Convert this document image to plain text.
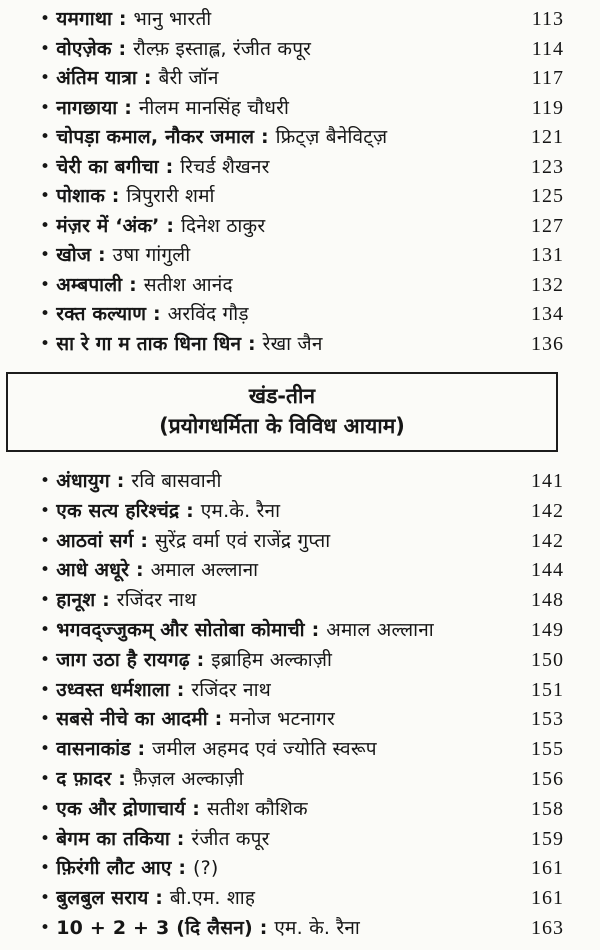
• यमगाथा : भानु भारती	113
• वोएज़ेक : रौल्फ़ इस्ताह्ल, रंजीत कपूर	114
• अंतिम यात्रा : बैरी जॉन	117
• नागछाया : नीलम मानसिंह चौधरी	119
• चोपड़ा कमाल, नौकर जमाल : फ्रिट्ज़ बैनेविट्ज़	121
• चेरी का बगीचा : रिचर्ड शैखनर	123
• पोशाक : त्रिपुरारी शर्मा	125
• मंज़र में ‘अंक’ : दिनेश ठाकुर	127
• खोज : उषा गांगुली	131
• अम्बपाली : सतीश आनंद	132
• रक्त कल्याण : अरविंद गौड़	134
• सा रे गा म ताक धिना धिन : रेखा जैन	136
खंड-तीन
(प्रयोगधर्मिता के विविध आयाम)
• अंधायुग : रवि बासवानी	141
• एक सत्य हरिश्चंद्र : एम.के. रैना	142
• आठवां सर्ग : सुरेंद्र वर्मा एवं राजेंद्र गुप्ता	142
• आधे अधूरे : अमाल अल्लाना	144
• हानूश : रजिंदर नाथ	148
• भगवद्ज्जुकम् और सोतोबा कोमाची : अमाल अल्लाना	149
• जाग उठा है रायगढ़ : इब्राहिम अल्काज़ी	150
• उध्वस्त धर्मशाला : रजिंदर नाथ	151
• सबसे नीचे का आदमी : मनोज भटनागर	153
• वासनाकांड : जमील अहमद एवं ज्योति स्वरूप	155
• द फ़ादर : फ़ैज़ल अल्काज़ी	156
• एक और द्रोणाचार्य : सतीश कौशिक	158
• बेगम का तकिया : रंजीत कपूर	159
• फ़िरंगी लौट आए : (?)	161
• बुलबुल सराय : बी.एम. शाह	161
• 10 + 2 + 3 (दि लैसन) : एम. के. रैना	163
